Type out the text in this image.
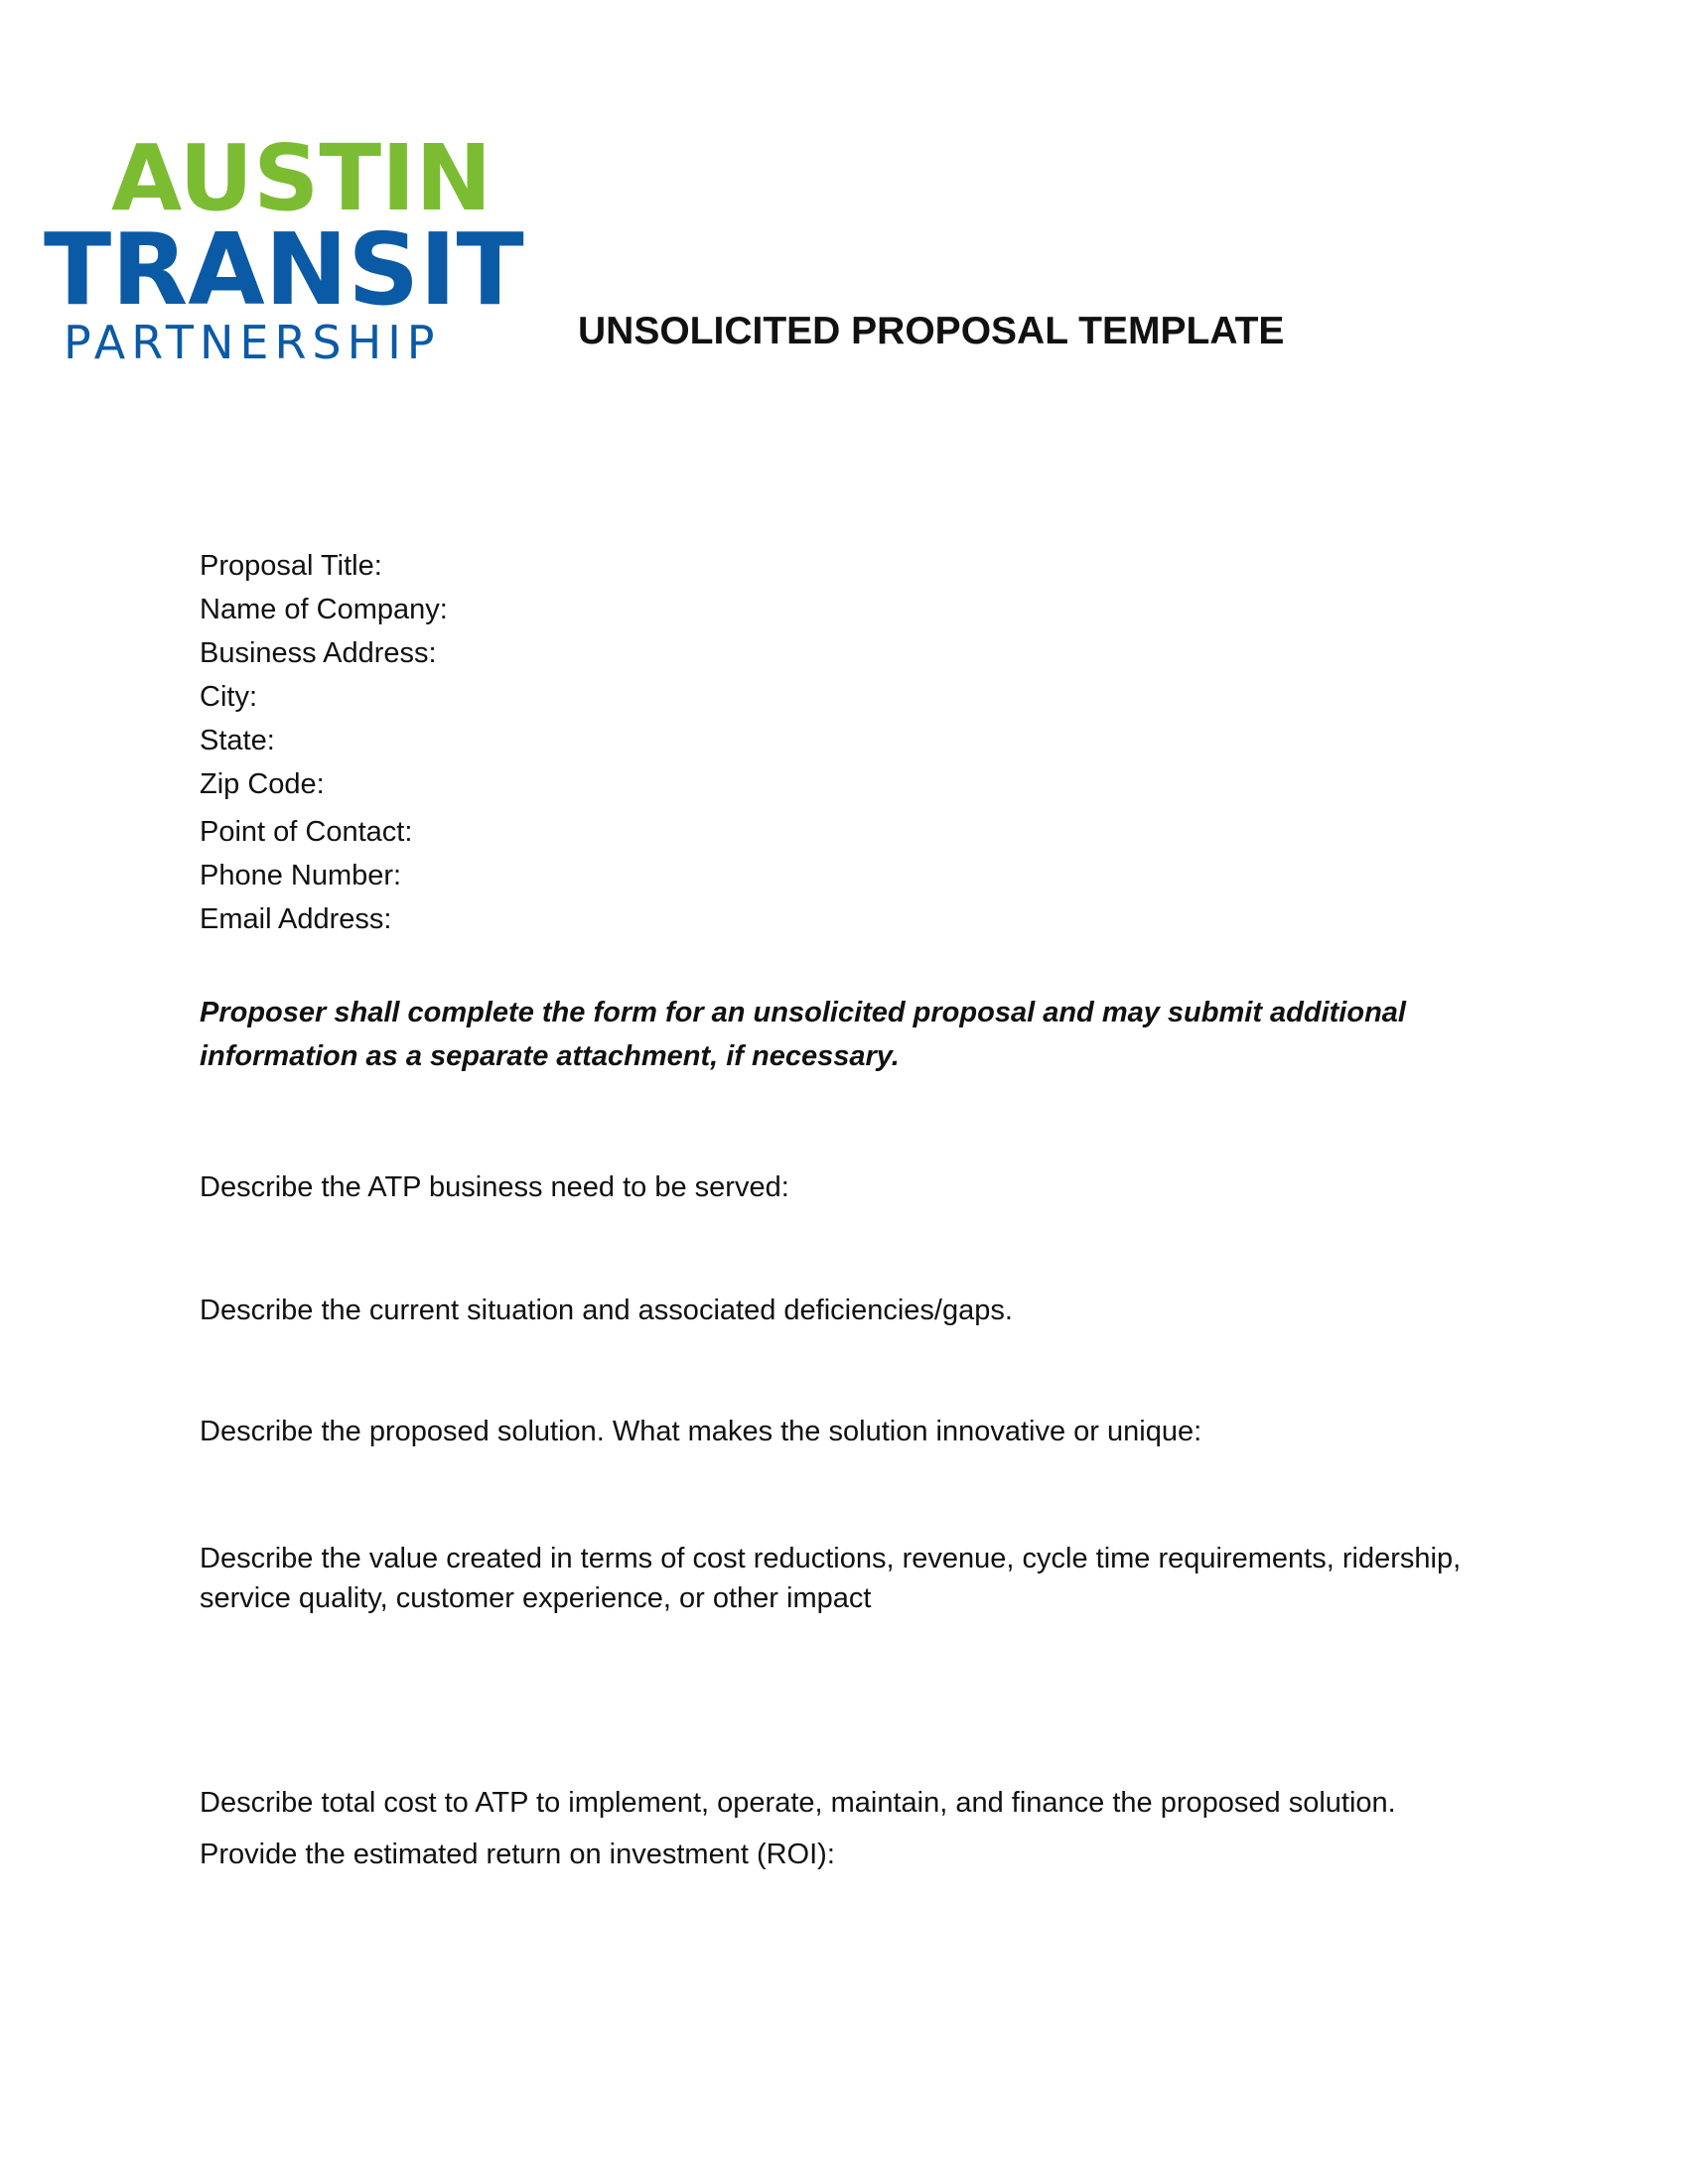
AUSTIN
TRANSIT
PARTNERSHIP	UNSOLICITED PROPOSAL TEMPLATE
Proposal Title:
Name of Company:
Business Address:
City:
State:
Zip Code:
Point of Contact:
Phone Number:
Email Address:
Proposer shall complete the form for an unsolicited proposal and may submit additional information as a separate attachment, if necessary.
Describe the ATP business need to be served:
Describe the current situation and associated deficiencies/gaps.
Describe the proposed solution. What makes the solution innovative or unique:
Describe the value created in terms of cost reductions, revenue, cycle time requirements, ridership, service quality, customer experience, or other impact
Describe total cost to ATP to implement, operate, maintain, and finance the proposed solution. Provide the estimated return on investment (ROI):
